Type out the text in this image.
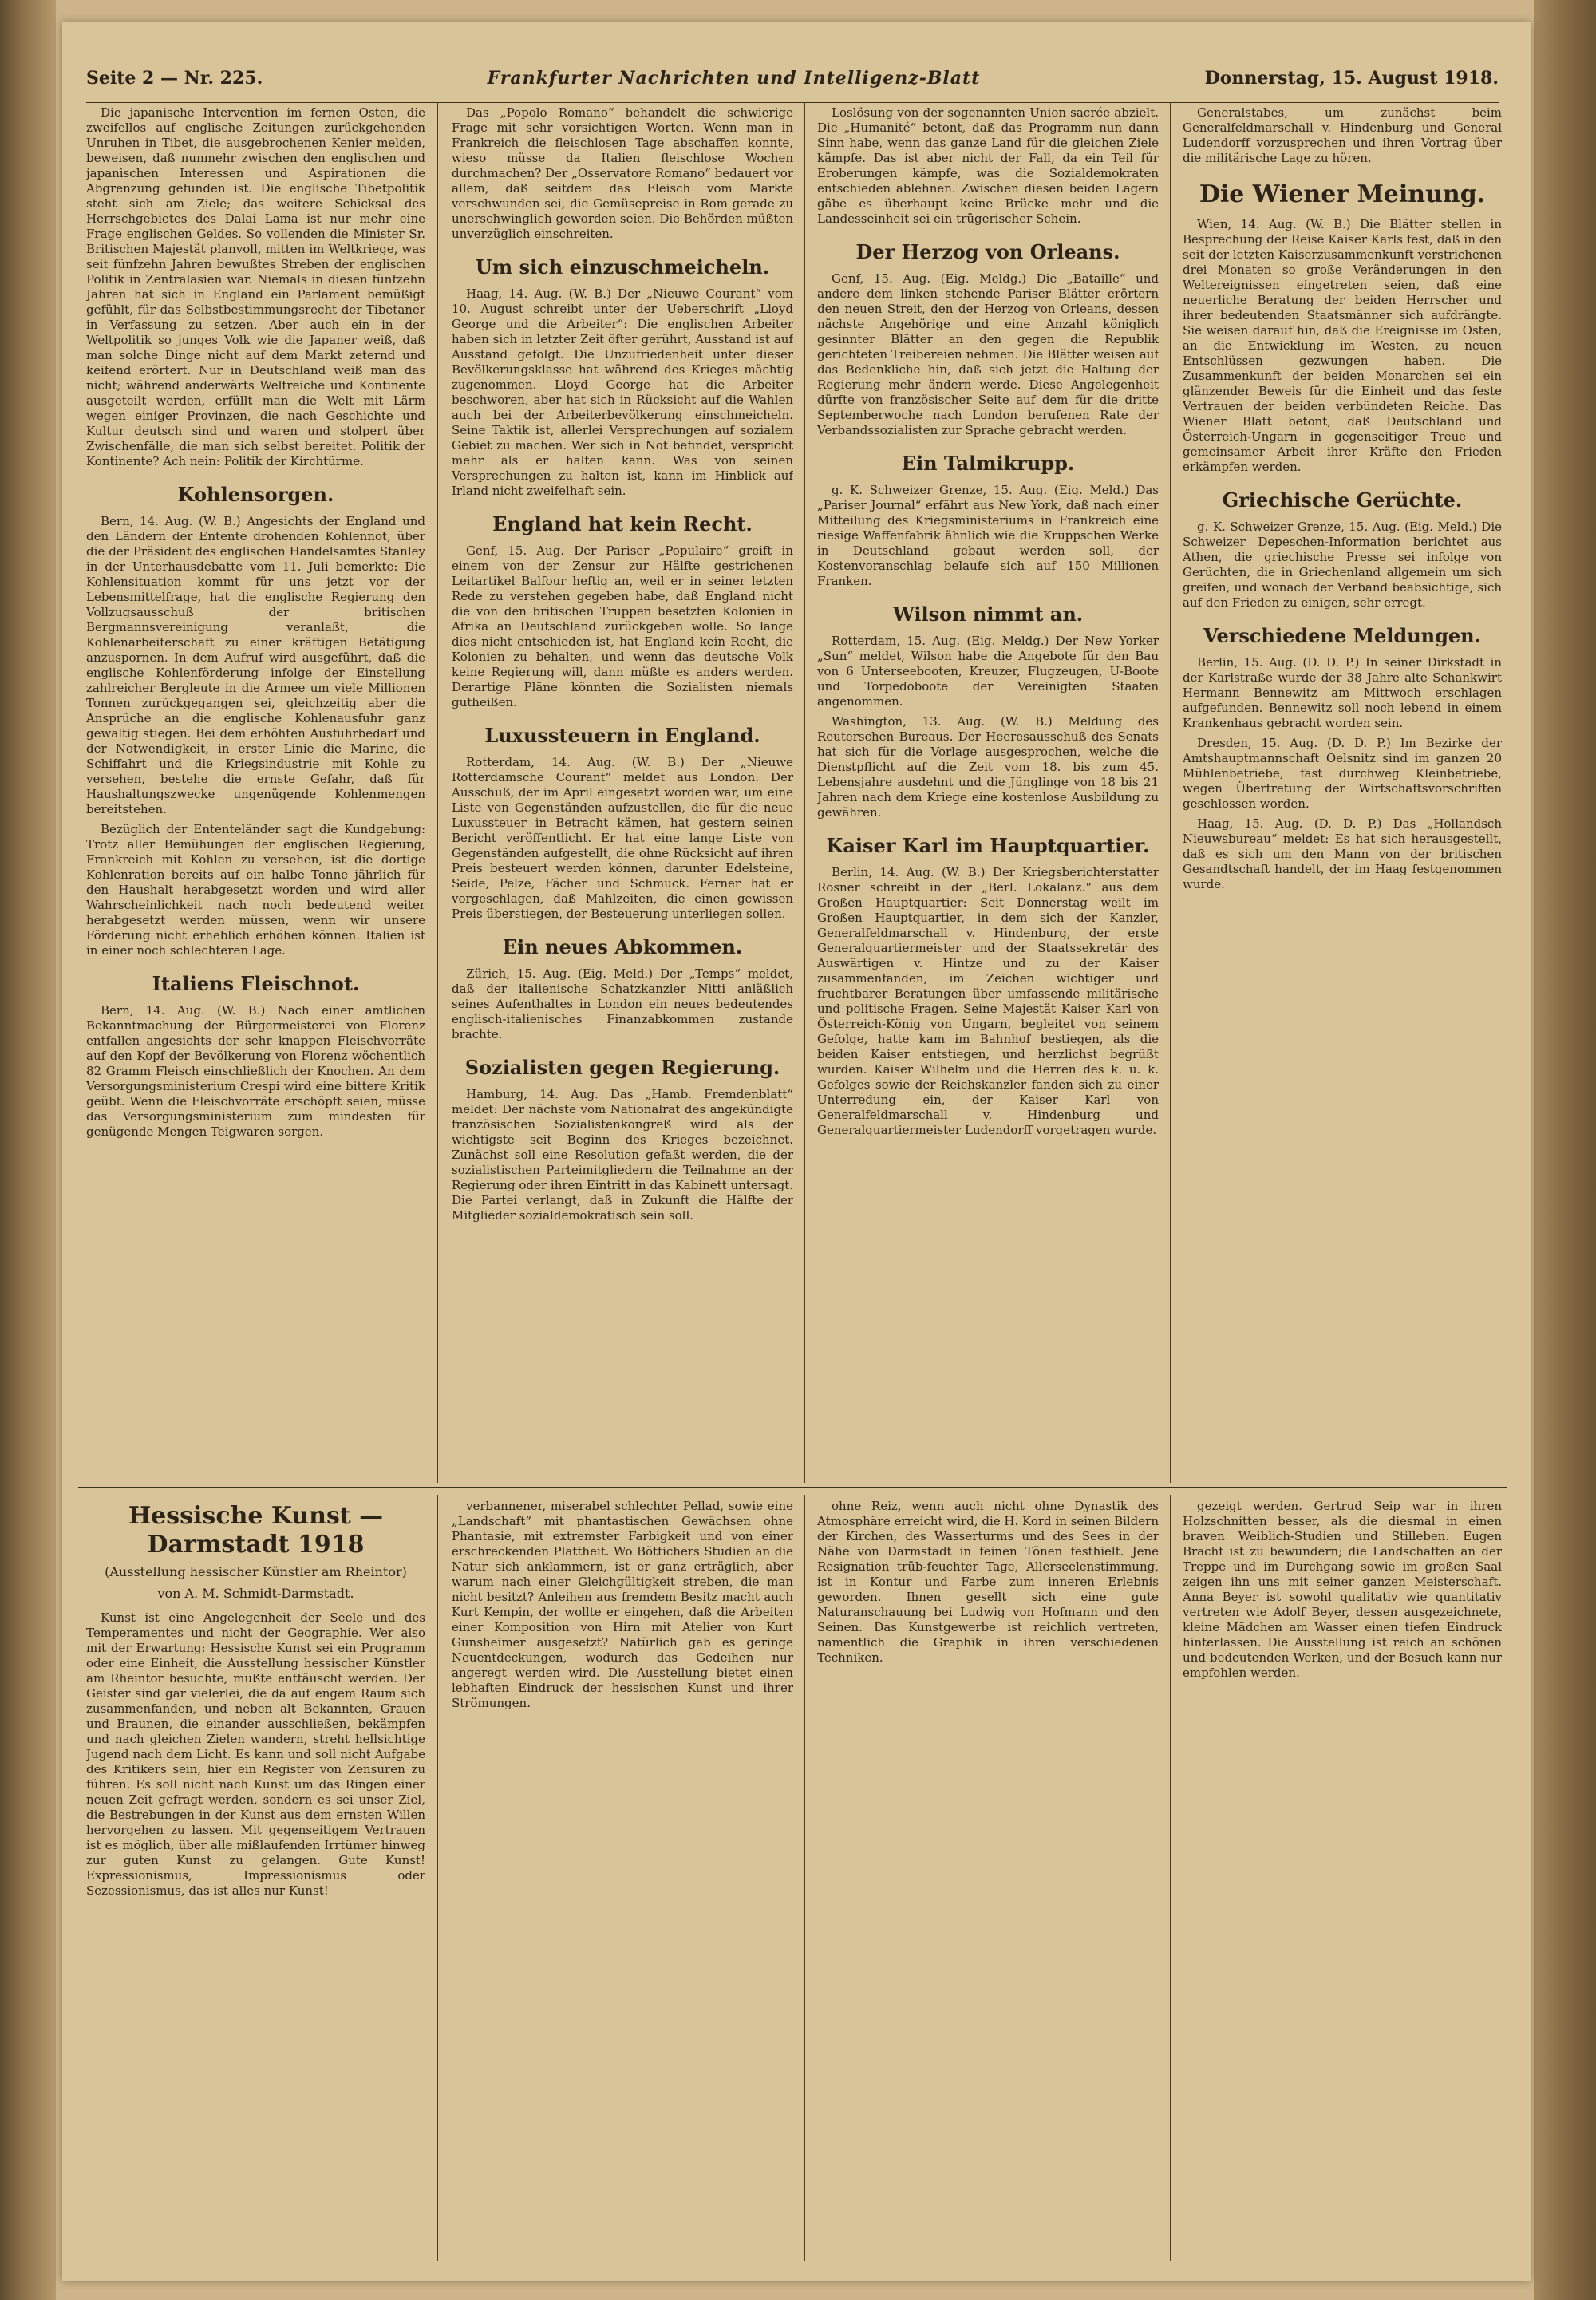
Seite 2 — Nr. 225.	Frankfurter Nachrichten und Intelligenz-Blatt	Donnerstag, 15. August 1918.

Die japanische Intervention im fernen Osten, die zweifellos auf englische Zeitungen zurückgehenden Unruhen in Tibet, die ausgebrochenen Kenier melden, beweisen, daß nunmehr zwischen den englischen und japanischen Interessen und Aspirationen die Abgrenzung gefunden ist. Die englische Tibetpolitik steht sich am Ziele; das weitere Schicksal des Herrschgebietes des Dalai Lama ist nur mehr eine Frage englischen Geldes. So vollenden die Minister Sr. Britischen Majestät planvoll, mitten im Weltkriege, was seit fünfzehn Jahren bewußtes Streben der englischen Politik in Zentralasien war. Niemals in diesen fünfzehn Jahren hat sich in England ein Parlament bemüßigt gefühlt, für das Selbstbestimmungsrecht der Tibetaner in Verfassung zu setzen. Aber auch ein in der Weltpolitik so junges Volk wie die Japaner weiß, daß man solche Dinge nicht auf dem Markt zeternd und keifend erörtert. Nur in Deutschland weiß man das nicht; während anderwärts Weltreiche und Kontinente ausgeteilt werden, erfüllt man die Welt mit Lärm wegen einiger Provinzen, die nach Geschichte und Kultur deutsch sind und waren und stolpert über Zwischenfälle, die man sich selbst bereitet. Politik der Kontinente? Ach nein: Politik der Kirchtürme.

Kohlensorgen.

Bern, 14. Aug. (W. B.) Angesichts der England und den Ländern der Entente drohenden Kohlennot, über die der Präsident des englischen Handelsamtes Stanley in der Unterhausdebatte vom 11. Juli bemerkte: Die Kohlensituation kommt für uns jetzt vor der Lebensmittelfrage, hat die englische Regierung den Vollzugsausschuß der britischen Bergmannsvereinigung veranlaßt, die Kohlenarbeiterschaft zu einer kräftigen Betätigung anzuspornen. In dem Aufruf wird ausgeführt, daß die englische Kohlenförderung infolge der Einstellung zahlreicher Bergleute in die Armee um viele Millionen Tonnen zurückgegangen sei, gleichzeitig aber die Ansprüche an die englische Kohlenausfuhr ganz gewaltig stiegen. Bei dem erhöhten Ausfuhrbedarf und der Notwendigkeit, in erster Linie die Marine, die Schiffahrt und die Kriegsindustrie mit Kohle zu versehen, bestehe die ernste Gefahr, daß für Haushaltungszwecke ungenügende Kohlenmengen bereitstehen.

Bezüglich der Ententeländer sagt die Kundgebung: Trotz aller Bemühungen der englischen Regierung, Frankreich mit Kohlen zu versehen, ist die dortige Kohlenration bereits auf ein halbe Tonne jährlich für den Haushalt herabgesetzt worden und wird aller Wahrscheinlichkeit nach noch bedeutend weiter herabgesetzt werden müssen, wenn wir unsere Förderung nicht erheblich erhöhen können. Italien ist in einer noch schlechteren Lage.

Italiens Fleischnot.

Bern, 14. Aug. (W. B.) Nach einer amtlichen Bekanntmachung der Bürgermeisterei von Florenz entfallen angesichts der sehr knappen Fleischvorräte auf den Kopf der Bevölkerung von Florenz wöchentlich 82 Gramm Fleisch einschließlich der Knochen. An dem Versorgungsministerium Crespi wird eine bittere Kritik geübt. Wenn die Fleischvorräte erschöpft seien, müsse das Versorgungsministerium zum mindesten für genügende Mengen Teigwaren sorgen.

Das „Popolo Romano“ behandelt die schwierige Frage mit sehr vorsichtigen Worten. Wenn man in Frankreich die fleischlosen Tage abschaffen konnte, wieso müsse da Italien fleischlose Wochen durchmachen? Der „Osservatore Romano“ bedauert vor allem, daß seitdem das Fleisch vom Markte verschwunden sei, die Gemüsepreise in Rom gerade zu unerschwinglich geworden seien. Die Behörden müßten unverzüglich einschreiten.

Um sich einzuschmeicheln.

Haag, 14. Aug. (W. B.) Der „Nieuwe Courant“ vom 10. August schreibt unter der Ueberschrift „Lloyd George und die Arbeiter“: Die englischen Arbeiter haben sich in letzter Zeit öfter gerührt, Ausstand ist auf Ausstand gefolgt. Die Unzufriedenheit unter dieser Bevölkerungsklasse hat während des Krieges mächtig zugenommen. Lloyd George hat die Arbeiter beschworen, aber hat sich in Rücksicht auf die Wahlen auch bei der Arbeiterbevölkerung einschmeicheln. Seine Taktik ist, allerlei Versprechungen auf sozialem Gebiet zu machen. Wer sich in Not befindet, verspricht mehr als er halten kann. Was von seinen Versprechungen zu halten ist, kann im Hinblick auf Irland nicht zweifelhaft sein.

England hat kein Recht.

Genf, 15. Aug. Der Pariser „Populaire“ greift in einem von der Zensur zur Hälfte gestrichenen Leitartikel Balfour heftig an, weil er in seiner letzten Rede zu verstehen gegeben habe, daß England nicht die von den britischen Truppen besetzten Kolonien in Afrika an Deutschland zurückgeben wolle. So lange dies nicht entschieden ist, hat England kein Recht, die Kolonien zu behalten, und wenn das deutsche Volk keine Regierung will, dann müßte es anders werden. Derartige Pläne könnten die Sozialisten niemals gutheißen.

Luxussteuern in England.

Rotterdam, 14. Aug. (W. B.) Der „Nieuwe Rotterdamsche Courant“ meldet aus London: Der Ausschuß, der im April eingesetzt worden war, um eine Liste von Gegenständen aufzustellen, die für die neue Luxussteuer in Betracht kämen, hat gestern seinen Bericht veröffentlicht. Er hat eine lange Liste von Gegenständen aufgestellt, die ohne Rücksicht auf ihren Preis besteuert werden können, darunter Edelsteine, Seide, Pelze, Fächer und Schmuck. Ferner hat er vorgeschlagen, daß Mahlzeiten, die einen gewissen Preis überstiegen, der Besteuerung unterliegen sollen.

Ein neues Abkommen.

Zürich, 15. Aug. (Eig. Meld.) Der „Temps“ meldet, daß der italienische Schatzkanzler Nitti anläßlich seines Aufenthaltes in London ein neues bedeutendes englisch-italienisches Finanzabkommen zustande brachte.

Sozialisten gegen Regierung.

Hamburg, 14. Aug. Das „Hamb. Fremdenblatt“ meldet: Der nächste vom Nationalrat des angekündigte französischen Sozialistenkongreß wird als der wichtigste seit Beginn des Krieges bezeichnet. Zunächst soll eine Resolution gefaßt werden, die der sozialistischen Parteimitgliedern die Teilnahme an der Regierung oder ihren Eintritt in das Kabinett untersagt. Die Partei verlangt, daß in Zukunft die Hälfte der Mitglieder sozialdemokratisch sein soll.

Loslösung von der sogenannten Union sacrée abzielt. Die „Humanité“ betont, daß das Programm nun dann Sinn habe, wenn das ganze Land für die gleichen Ziele kämpfe. Das ist aber nicht der Fall, da ein Teil für Eroberungen kämpfe, was die Sozialdemokraten entschieden ablehnen. Zwischen diesen beiden Lagern gäbe es überhaupt keine Brücke mehr und die Landesseinheit sei ein trügerischer Schein.

Der Herzog von Orleans.

Genf, 15. Aug. (Eig. Meldg.) Die „Bataille“ und andere dem linken stehende Pariser Blätter erörtern den neuen Streit, den der Herzog von Orleans, dessen nächste Angehörige und eine Anzahl königlich gesinnter Blätter an den gegen die Republik gerichteten Treibereien nehmen. Die Blätter weisen auf das Bedenkliche hin, daß sich jetzt die Haltung der Regierung mehr ändern werde. Diese Angelegenheit dürfte von französischer Seite auf dem für die dritte Septemberwoche nach London berufenen Rate der Verbandssozialisten zur Sprache gebracht werden.

Ein Talmikrupp.

g. K. Schweizer Grenze, 15. Aug. (Eig. Meld.) Das „Pariser Journal“ erfährt aus New York, daß nach einer Mitteilung des Kriegsministeriums in Frankreich eine riesige Waffenfabrik ähnlich wie die Kruppschen Werke in Deutschland gebaut werden soll, der Kostenvoranschlag belaufe sich auf 150 Millionen Franken.

Wilson nimmt an.

Rotterdam, 15. Aug. (Eig. Meldg.) Der New Yorker „Sun“ meldet, Wilson habe die Angebote für den Bau von 6 Unterseebooten, Kreuzer, Flugzeugen, U-Boote und Torpedoboote der Vereinigten Staaten angenommen.

Washington, 13. Aug. (W. B.) Meldung des Reuterschen Bureaus. Der Heeresausschuß des Senats hat sich für die Vorlage ausgesprochen, welche die Dienstpflicht auf die Zeit vom 18. bis zum 45. Lebensjahre ausdehnt und die Jünglinge von 18 bis 21 Jahren nach dem Kriege eine kostenlose Ausbildung zu gewähren.

Kaiser Karl im Hauptquartier.

Berlin, 14. Aug. (W. B.) Der Kriegsberichterstatter Rosner schreibt in der „Berl. Lokalanz.“ aus dem Großen Hauptquartier: Seit Donnerstag weilt im Großen Hauptquartier, in dem sich der Kanzler, Generalfeldmarschall v. Hindenburg, der erste Generalquartiermeister und der Staatssekretär des Auswärtigen v. Hintze und zu der Kaiser zusammenfanden, im Zeichen wichtiger und fruchtbarer Beratungen über umfassende militärische und politische Fragen. Seine Majestät Kaiser Karl von Österreich-König von Ungarn, begleitet von seinem Gefolge, hatte kam im Bahnhof bestiegen, als die beiden Kaiser entstiegen, und herzlichst begrüßt wurden. Kaiser Wilhelm und die Herren des k. u. k. Gefolges sowie der Reichskanzler fanden sich zu einer Unterredung ein, der Kaiser Karl von Generalfeldmarschall v. Hindenburg und Generalquartiermeister Ludendorff vorgetragen wurde.

Generalstabes, um zunächst beim Generalfeldmarschall v. Hindenburg und General Ludendorff vorzusprechen und ihren Vortrag über die militärische Lage zu hören.

Die Wiener Meinung.

Wien, 14. Aug. (W. B.) Die Blätter stellen in Besprechung der Reise Kaiser Karls fest, daß in den seit der letzten Kaiserzusammenkunft verstrichenen drei Monaten so große Veränderungen in den Weltereignissen eingetreten seien, daß eine neuerliche Beratung der beiden Herrscher und ihrer bedeutenden Staatsmänner sich aufdrängte. Sie weisen darauf hin, daß die Ereignisse im Osten, an die Entwicklung im Westen, zu neuen Entschlüssen gezwungen haben. Die Zusammenkunft der beiden Monarchen sei ein glänzender Beweis für die Einheit und das feste Vertrauen der beiden verbündeten Reiche. Das Wiener Blatt betont, daß Deutschland und Österreich-Ungarn in gegenseitiger Treue und gemeinsamer Arbeit ihrer Kräfte den Frieden erkämpfen werden.

Griechische Gerüchte.

g. K. Schweizer Grenze, 15. Aug. (Eig. Meld.) Die Schweizer Depeschen-Information berichtet aus Athen, die griechische Presse sei infolge von Gerüchten, die in Griechenland allgemein um sich greifen, und wonach der Verband beabsichtige, sich auf den Frieden zu einigen, sehr erregt.

Verschiedene Meldungen.

Berlin, 15. Aug. (D. D. P.) In seiner Dirkstadt in der Karlstraße wurde der 38 Jahre alte Schankwirt Hermann Bennewitz am Mittwoch erschlagen aufgefunden. Bennewitz soll noch lebend in einem Krankenhaus gebracht worden sein.

Dresden, 15. Aug. (D. D. P.) Im Bezirke der Amtshauptmannschaft Oelsnitz sind im ganzen 20 Mühlenbetriebe, fast durchweg Kleinbetriebe, wegen Übertretung der Wirtschaftsvorschriften geschlossen worden.

Haag, 15. Aug. (D. D. P.) Das „Hollandsch Nieuwsbureau“ meldet: Es hat sich herausgestellt, daß es sich um den Mann von der britischen Gesandtschaft handelt, der im Haag festgenommen wurde.

Hessische Kunst — Darmstadt 1918
(Ausstellung hessischer Künstler am Rheintor)
von A. M. Schmidt-Darmstadt.

Kunst ist eine Angelegenheit der Seele und des Temperamentes und nicht der Geographie. Wer also mit der Erwartung: Hessische Kunst sei ein Programm oder eine Einheit, die Ausstellung hessischer Künstler am Rheintor besuchte, mußte enttäuscht werden. Der Geister sind gar vielerlei, die da auf engem Raum sich zusammenfanden, und neben alt Bekannten, Grauen und Braunen, die einander ausschließen, bekämpfen und nach gleichen Zielen wandern, streht hellsichtige Jugend nach dem Licht. Es kann und soll nicht Aufgabe des Kritikers sein, hier ein Register von Zensuren zu führen. Es soll nicht nach Kunst um das Ringen einer neuen Zeit gefragt werden, sondern es sei unser Ziel, die Bestrebungen in der Kunst aus dem ernsten Willen hervorgehen zu lassen. Mit gegenseitigem Vertrauen ist es möglich, über alle mißlaufenden Irrtümer hinweg zur guten Kunst zu gelangen. Gute Kunst! Expressionismus, Impressionismus oder Sezessionismus, das ist alles nur Kunst!

verbannener, miserabel schlechter Pellad, sowie eine „Landschaft“ mit phantastischen Gewächsen ohne Phantasie, mit extremster Farbigkeit und von einer erschreckenden Plattheit. Wo Böttichers Studien an die Natur sich anklammern, ist er ganz erträglich, aber warum nach einer Gleichgültigkeit streben, die man nicht besitzt? Anleihen aus fremdem Besitz macht auch Kurt Kempin, der wollte er eingehen, daß die Arbeiten einer Komposition von Hirn mit Atelier von Kurt Gunsheimer ausgesetzt? Natürlich gab es geringe Neuentdeckungen, wodurch das Gedeihen nur angeregt werden wird. Die Ausstellung bietet einen lebhaften Eindruck der hessischen Kunst und ihrer Strömungen.

ohne Reiz, wenn auch nicht ohne Dynastik des Atmosphäre erreicht wird, die H. Kord in seinen Bildern der Kirchen, des Wasserturms und des Sees in der Nähe von Darmstadt in feinen Tönen festhielt. Jene Resignation trüb-feuchter Tage, Allerseelenstimmung, ist in Kontur und Farbe zum inneren Erlebnis geworden. Ihnen gesellt sich eine gute Naturanschauung bei Ludwig von Hofmann und den Seinen. Das Kunstgewerbe ist reichlich vertreten, namentlich die Graphik in ihren verschiedenen Techniken.

gezeigt werden. Gertrud Seip war in ihren Holzschnitten besser, als die diesmal in einen braven Weiblich-Studien und Stilleben. Eugen Bracht ist zu bewundern; die Landschaften an der Treppe und im Durchgang sowie im großen Saal zeigen ihn uns mit seiner ganzen Meisterschaft. Anna Beyer ist sowohl qualitativ wie quantitativ vertreten wie Adolf Beyer, dessen ausgezeichnete, kleine Mädchen am Wasser einen tiefen Eindruck hinterlassen. Die Ausstellung ist reich an schönen und bedeutenden Werken, und der Besuch kann nur empfohlen werden.
